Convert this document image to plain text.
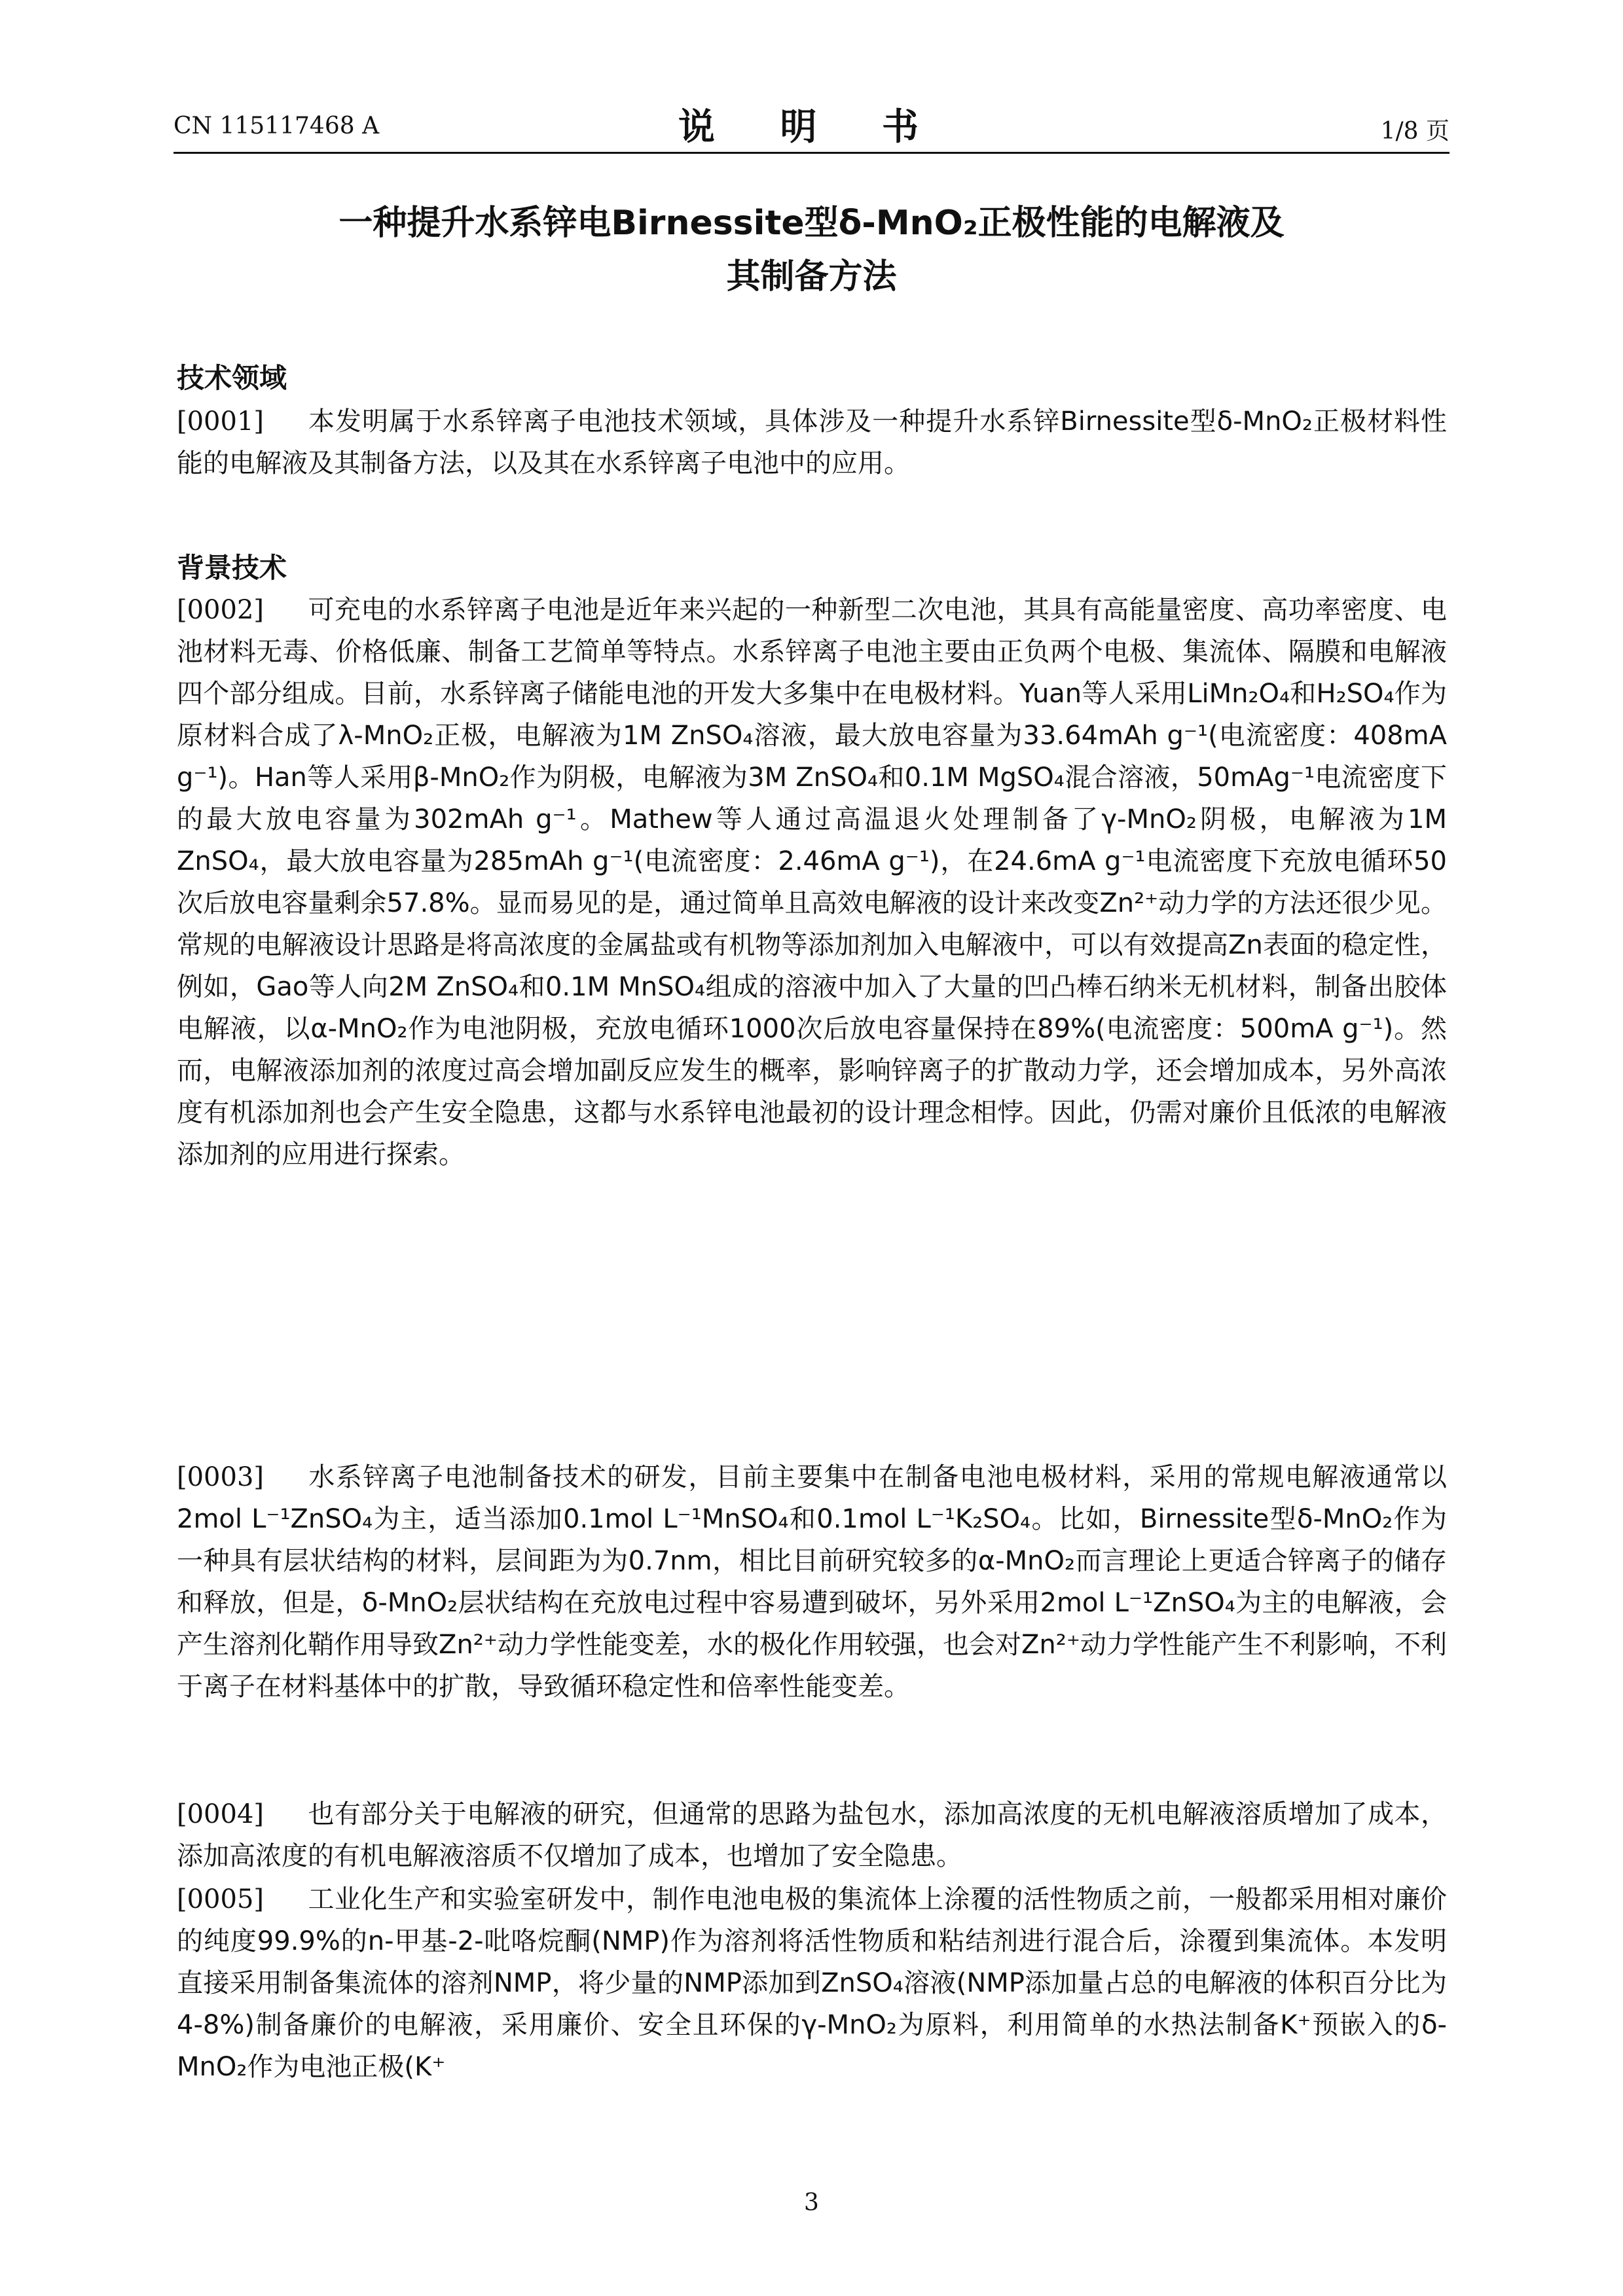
CN 115117468 A	说 明 书	1/8 页
一种提升水系锌电Birnessite型δ-MnO₂正极性能的电解液及
其制备方法
技术领域
[0001] 本发明属于水系锌离子电池技术领域，具体涉及一种提升水系锌Birnessite型δ-MnO₂正极材料性能的电解液及其制备方法，以及其在水系锌离子电池中的应用。
背景技术
[0002] 可充电的水系锌离子电池是近年来兴起的一种新型二次电池，其具有高能量密度、高功率密度、电池材料无毒、价格低廉、制备工艺简单等特点。水系锌离子电池主要由正负两个电极、集流体、隔膜和电解液四个部分组成。目前，水系锌离子储能电池的开发大多集中在电极材料。Yuan等人采用LiMn₂O₄和H₂SO₄作为原材料合成了λ-MnO₂正极，电解液为1M ZnSO₄溶液，最大放电容量为33.64mAh g⁻¹(电流密度：408mA g⁻¹)。Han等人采用β-MnO₂作为阴极，电解液为3M ZnSO₄和0.1M MgSO₄混合溶液，50mAg⁻¹电流密度下的最大放电容量为302mAh g⁻¹。Mathew等人通过高温退火处理制备了γ-MnO₂阴极，电解液为1M ZnSO₄，最大放电容量为285mAh g⁻¹(电流密度：2.46mA g⁻¹)，在24.6mA g⁻¹电流密度下充放电循环50次后放电容量剩余57.8%。显而易见的是，通过简单且高效电解液的设计来改变Zn²⁺动力学的方法还很少见。常规的电解液设计思路是将高浓度的金属盐或有机物等添加剂加入电解液中，可以有效提高Zn表面的稳定性，例如，Gao等人向2M ZnSO₄和0.1M MnSO₄组成的溶液中加入了大量的凹凸棒石纳米无机材料，制备出胶体电解液，以α-MnO₂作为电池阴极，充放电循环1000次后放电容量保持在89%(电流密度：500mA g⁻¹)。然而，电解液添加剂的浓度过高会增加副反应发生的概率，影响锌离子的扩散动力学，还会增加成本，另外高浓度有机添加剂也会产生安全隐患，这都与水系锌电池最初的设计理念相悖。因此，仍需对廉价且低浓的电解液添加剂的应用进行探索。
[0003] 水系锌离子电池制备技术的研发，目前主要集中在制备电池电极材料，采用的常规电解液通常以2mol L⁻¹ZnSO₄为主，适当添加0.1mol L⁻¹MnSO₄和0.1mol L⁻¹K₂SO₄。比如，Birnessite型δ-MnO₂作为一种具有层状结构的材料，层间距为为0.7nm，相比目前研究较多的α-MnO₂而言理论上更适合锌离子的储存和释放，但是，δ-MnO₂层状结构在充放电过程中容易遭到破坏，另外采用2mol L⁻¹ZnSO₄为主的电解液，会产生溶剂化鞘作用导致Zn²⁺动力学性能变差，水的极化作用较强，也会对Zn²⁺动力学性能产生不利影响，不利于离子在材料基体中的扩散，导致循环稳定性和倍率性能变差。
[0004] 也有部分关于电解液的研究，但通常的思路为盐包水，添加高浓度的无机电解液溶质增加了成本，添加高浓度的有机电解液溶质不仅增加了成本，也增加了安全隐患。
[0005] 工业化生产和实验室研发中，制作电池电极的集流体上涂覆的活性物质之前，一般都采用相对廉价的纯度99.9%的n-甲基-2-吡咯烷酮(NMP)作为溶剂将活性物质和粘结剂进行混合后，涂覆到集流体。本发明直接采用制备集流体的溶剂NMP，将少量的NMP添加到ZnSO₄溶液(NMP添加量占总的电解液的体积百分比为4-8%)制备廉价的电解液，采用廉价、安全且环保的γ-MnO₂为原料，利用简单的水热法制备K⁺预嵌入的δ-MnO₂作为电池正极(K⁺
3
